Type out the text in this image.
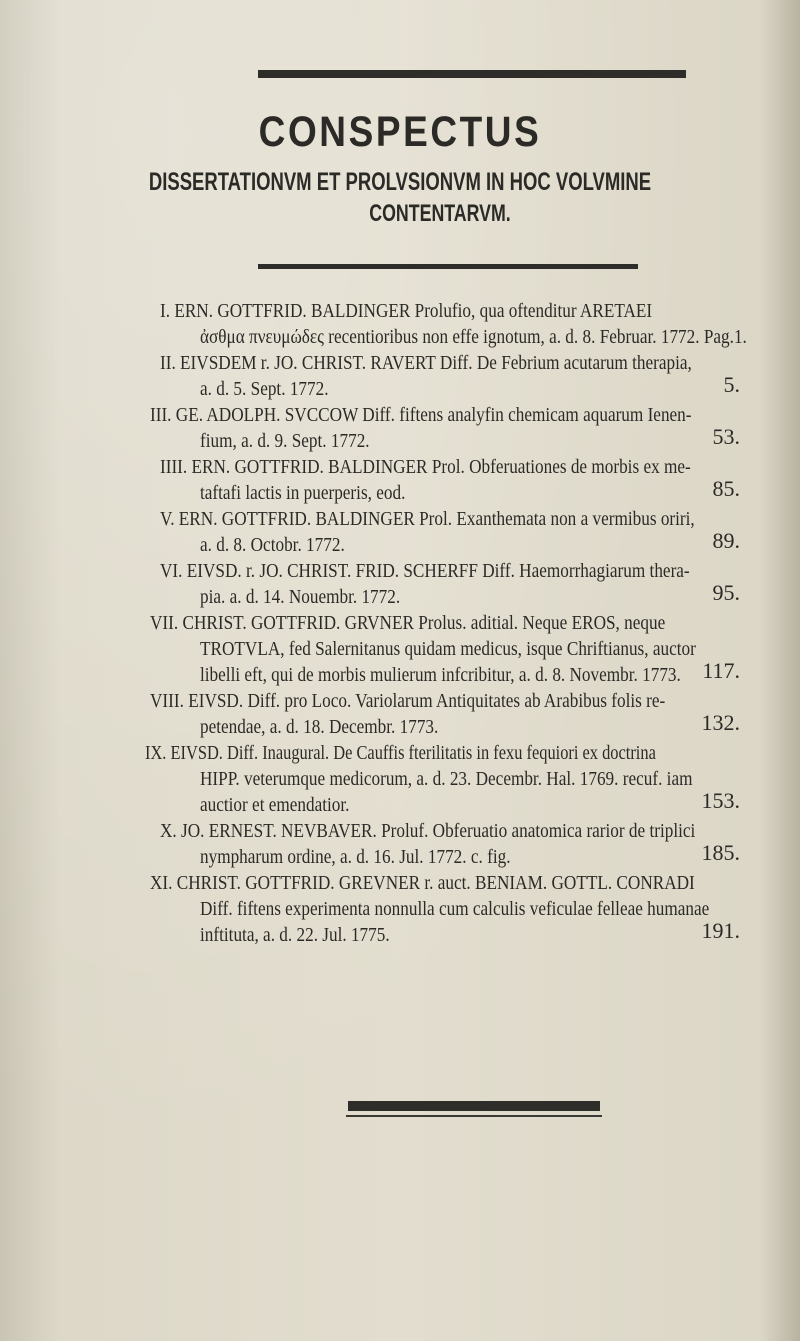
CONSPECTUS
DISSERTATIONVM ET PROLVSIONVM IN HOC VOLVMINE
CONTENTARVM.
I. ERN. GOTTFRID. BALDINGER Prolufio, qua oftenditur ARETAEI
ἀσθμα πνευμώδες recentioribus non effe ignotum, a. d. 8. Februar. 1772. Pag.1.
II. EIVSDEM r. JO. CHRIST. RAVERT Diff. De Febrium acutarum therapia,
a. d. 5. Sept. 1772.	5.
III. GE. ADOLPH. SVCCOW Diff. fiftens analyfin chemicam aquarum Ienen-
fium, a. d. 9. Sept. 1772.	53.
IIII. ERN. GOTTFRID. BALDINGER Prol. Obferuationes de morbis ex me-
taftafi lactis in puerperis, eod.	85.
V. ERN. GOTTFRID. BALDINGER Prol. Exanthemata non a vermibus oriri,
a. d. 8. Octobr. 1772.	89.
VI. EIVSD. r. JO. CHRIST. FRID. SCHERFF Diff. Haemorrhagiarum thera-
pia. a. d. 14. Nouembr. 1772.	95.
VII. CHRIST. GOTTFRID. GRVNER Prolus. aditial. Neque EROS, neque
TROTVLA, fed Salernitanus quidam medicus, isque Chriftianus, auctor
libelli eft, qui de morbis mulierum infcribitur, a. d. 8. Novembr. 1773. 117.
VIII. EIVSD. Diff. pro Loco. Variolarum Antiquitates ab Arabibus folis re-
petendae, a. d. 18. Decembr. 1773.	132.
IX. EIVSD. Diff. Inaugural. De Cauffis fterilitatis in fexu fequiori ex doctrina
HIPP. veterumque medicorum, a. d. 23. Decembr. Hal. 1769. recuf. iam
auctior et emendatior.	153.
X. JO. ERNEST. NEVBAVER. Proluf. Obferuatio anatomica rarior de triplici
nympharum ordine, a. d. 16. Jul. 1772. c. fig.	185.
XI. CHRIST. GOTTFRID. GREVNER r. auct. BENIAM. GOTTL. CONRADI
Diff. fiftens experimenta nonnulla cum calculis veficulae felleae humanae
inftituta, a. d. 22. Jul. 1775.	191.
